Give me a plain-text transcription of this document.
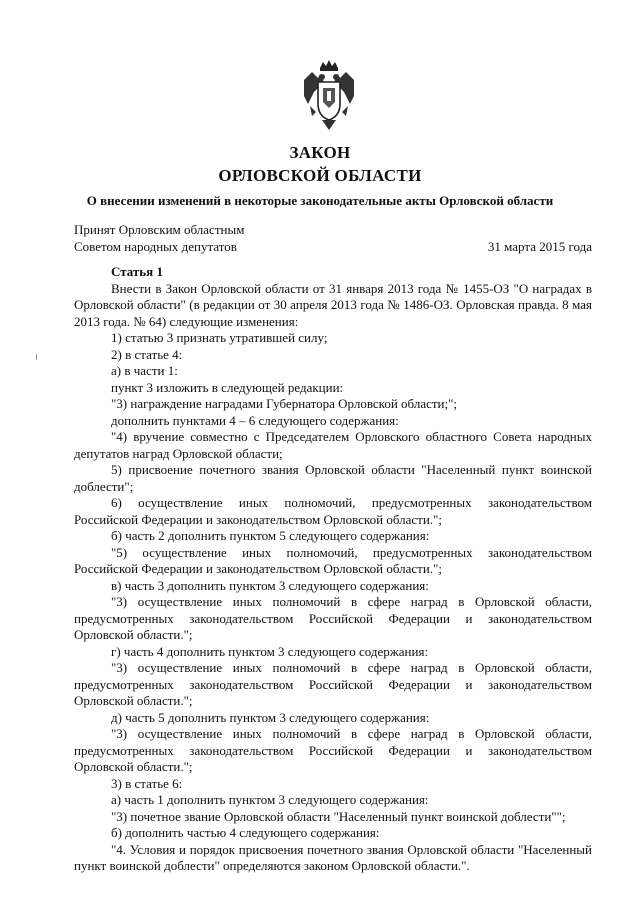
ЗАКОН
ОРЛОВСКОЙ ОБЛАСТИ
О внесении изменений в некоторые законодательные акты Орловской области
Принят Орловским областным
Советом народных депутатов	31 марта 2015 года
Статья 1

Внести в Закон Орловской области от 31 января 2013 года № 1455-ОЗ "О наградах в Орловской области" (в редакции от 30 апреля 2013 года № 1486-ОЗ. Орловская правда. 8 мая 2013 года. № 64) следующие изменения:

1) статью 3 признать утратившей силу;

2) в статье 4:

а) в части 1:

пункт 3 изложить в следующей редакции:

"3) награждение наградами Губернатора Орловской области;";

дополнить пунктами 4 – 6 следующего содержания:

"4) вручение совместно с Председателем Орловского областного Совета народных депутатов наград Орловской области;

5) присвоение почетного звания Орловской области "Населенный пункт воинской доблести";

6) осуществление иных полномочий, предусмотренных законодательством Российской Федерации и законодательством Орловской области.";

б) часть 2 дополнить пунктом 5 следующего содержания:

"5) осуществление иных полномочий, предусмотренных законодательством Российской Федерации и законодательством Орловской области.";

в) часть 3 дополнить пунктом 3 следующего содержания:

"3) осуществление иных полномочий в сфере наград в Орловской области, предусмотренных законодательством Российской Федерации и законодательством Орловской области.";

г) часть 4 дополнить пунктом 3 следующего содержания:

"3) осуществление иных полномочий в сфере наград в Орловской области, предусмотренных законодательством Российской Федерации и законодательством Орловской области.";

д) часть 5 дополнить пунктом 3 следующего содержания:

"3) осуществление иных полномочий в сфере наград в Орловской области, предусмотренных законодательством Российской Федерации и законодательством Орловской области.";

3) в статье 6:

а) часть 1 дополнить пунктом 3 следующего содержания:

"3) почетное звание Орловской области "Населенный пункт воинской доблести"";

б) дополнить частью 4 следующего содержания:

"4. Условия и порядок присвоения почетного звания Орловской области "Населенный пункт воинской доблести" определяются законом Орловской области.".
